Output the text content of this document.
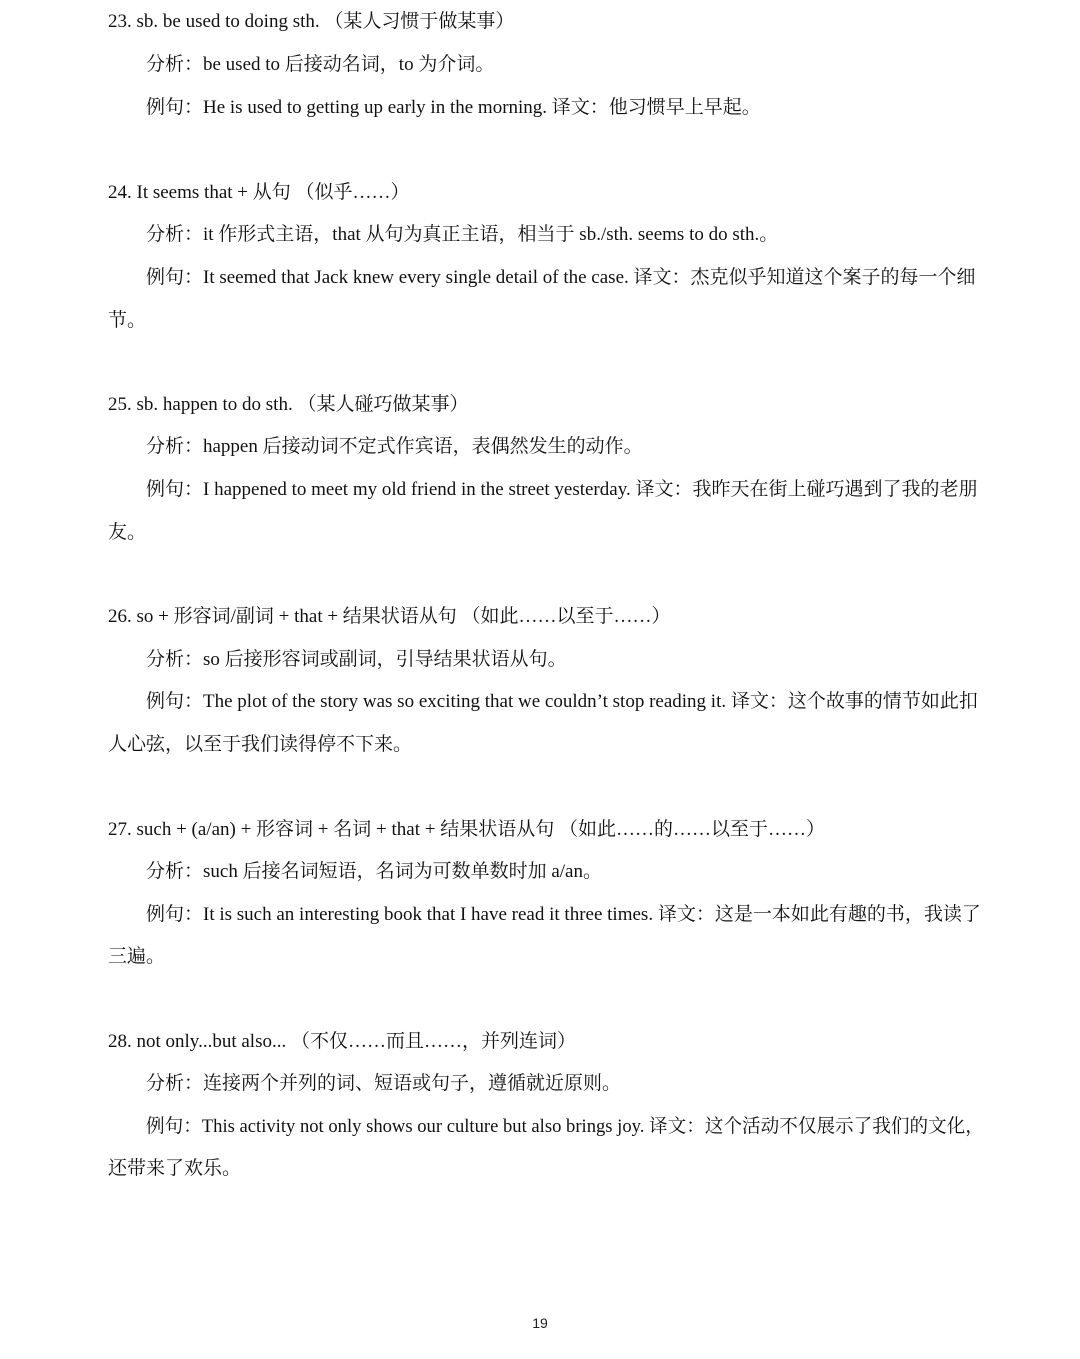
23. sb. be used to doing sth. （某人习惯于做某事）
分析：be used to 后接动名词，to 为介词。
例句：He is used to getting up early in the morning. 译文：他习惯早上早起。
24. It seems that + 从句 （似乎……）
分析：it 作形式主语，that 从句为真正主语，相当于 sb./sth. seems to do sth.。
例句：It seemed that Jack knew every single detail of the case. 译文：杰克似乎知道这个案子的每一个细
节。
25. sb. happen to do sth. （某人碰巧做某事）
分析：happen 后接动词不定式作宾语，表偶然发生的动作。
例句：I happened to meet my old friend in the street yesterday. 译文：我昨天在街上碰巧遇到了我的老朋
友。
26. so + 形容词/副词 + that + 结果状语从句 （如此……以至于……）
分析：so 后接形容词或副词，引导结果状语从句。
例句：The plot of the story was so exciting that we couldn’t stop reading it. 译文：这个故事的情节如此扣
人心弦，以至于我们读得停不下来。
27. such + (a/an) + 形容词 + 名词 + that + 结果状语从句 （如此……的……以至于……）
分析：such 后接名词短语，名词为可数单数时加 a/an。
例句：It is such an interesting book that I have read it three times. 译文：这是一本如此有趣的书，我读了
三遍。
28. not only...but also... （不仅……而且……，并列连词）
分析：连接两个并列的词、短语或句子，遵循就近原则。
例句：This activity not only shows our culture but also brings joy. 译文：这个活动不仅展示了我们的文化，
还带来了欢乐。
19
